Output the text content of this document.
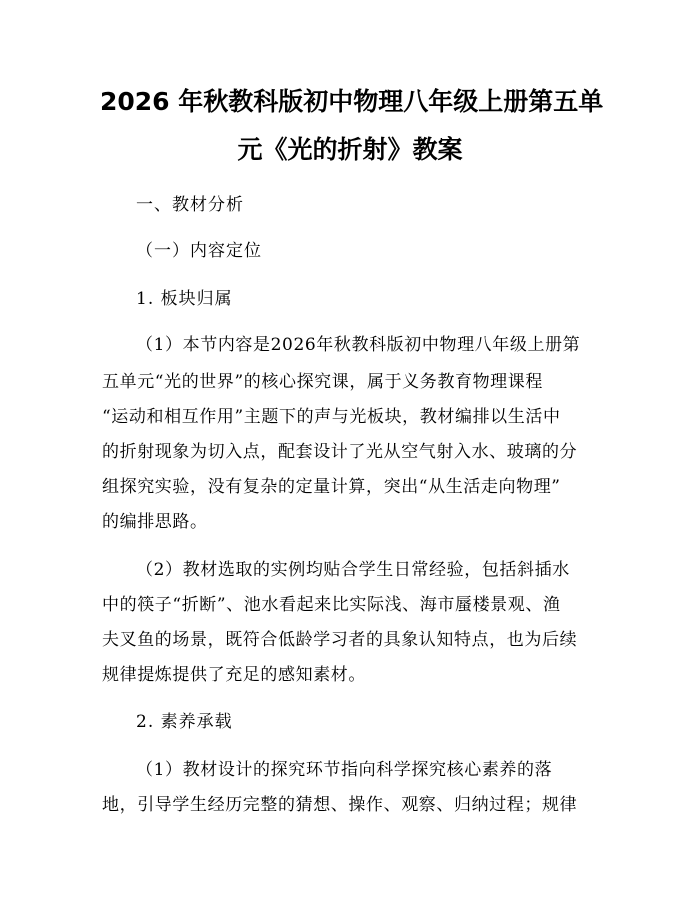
2026 年秋教科版初中物理八年级上册第五单
元《光的折射》教案
一、教材分析
（一）内容定位
1. 板块归属
（1）本节内容是2026年秋教科版初中物理八年级上册第
五单元“光的世界”的核心探究课，属于义务教育物理课程
“运动和相互作用”主题下的声与光板块，教材编排以生活中
的折射现象为切入点，配套设计了光从空气射入水、玻璃的分
组探究实验，没有复杂的定量计算，突出“从生活走向物理”
的编排思路。
（2）教材选取的实例均贴合学生日常经验，包括斜插水
中的筷子“折断”、池水看起来比实际浅、海市蜃楼景观、渔
夫叉鱼的场景，既符合低龄学习者的具象认知特点，也为后续
规律提炼提供了充足的感知素材。
2. 素养承载
（1）教材设计的探究环节指向科学探究核心素养的落
地，引导学生经历完整的猜想、操作、观察、归纳过程；规律
